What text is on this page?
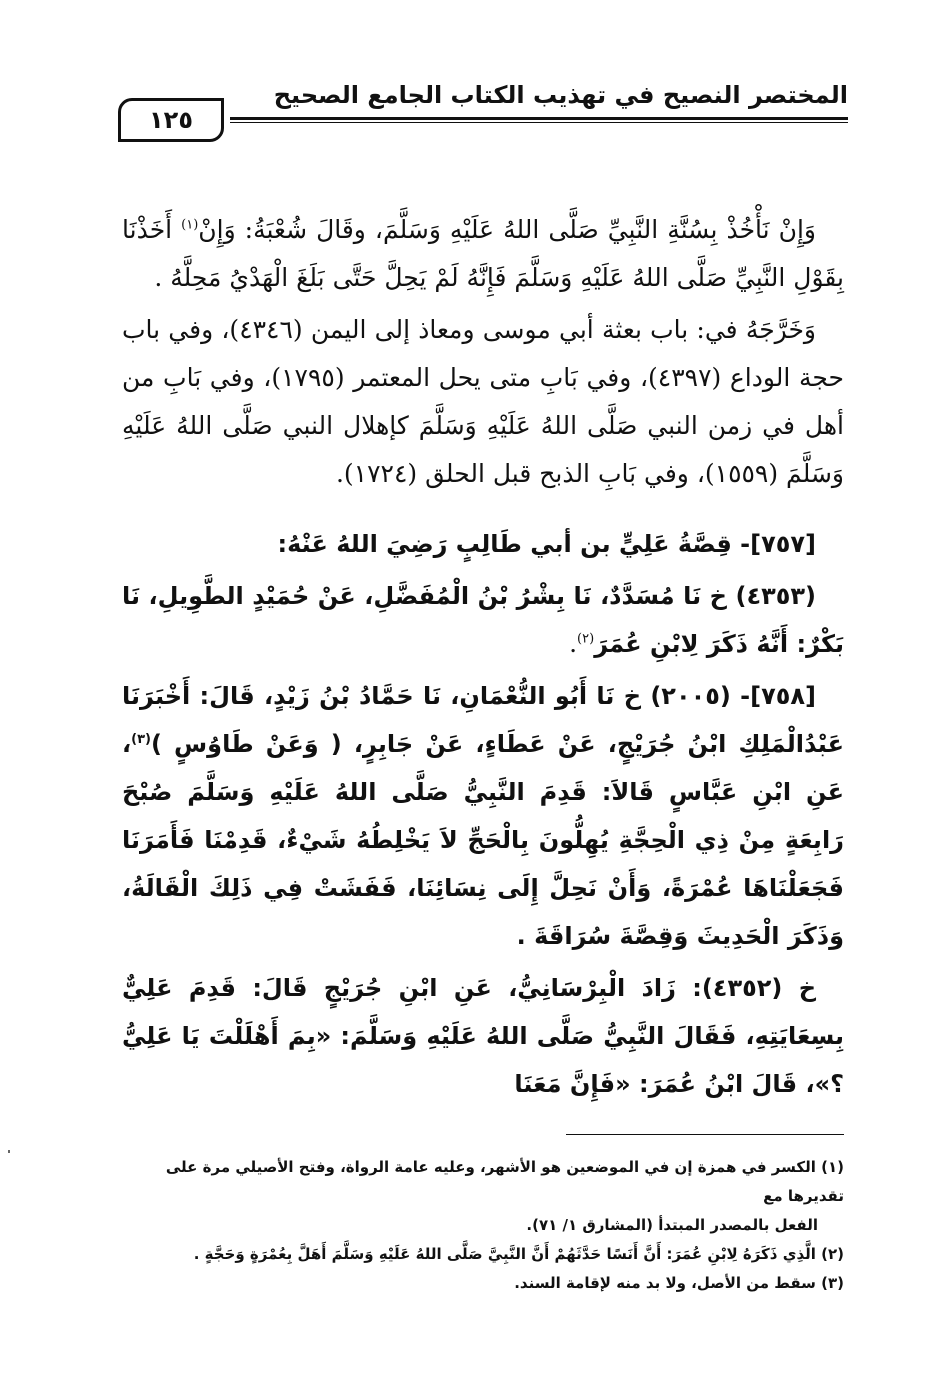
المختصر النصيح في تهذيب الكتاب الجامع الصحيح
١٢٥

وَإِنْ نَأْخُذْ بِسُنَّةِ النَّبِيِّ صَلَّى اللهُ عَلَيْهِ وَسَلَّمَ، وقَالَ شُعْبَةُ: وَإِنْ$^{(١)}$ أَخَذْنَا بِقَوْلِ النَّبِيِّ صَلَّى اللهُ عَلَيْهِ وَسَلَّمَ فَإِنَّهُ لَمْ يَحِلَّ حَتَّى بَلَغَ الْهَدْيُ مَحِلَّهُ .

وَخَرَّجَهُ في: باب بعثة أبي موسى ومعاذ إلى اليمن (٤٣٤٦)، وفي باب حجة الوداع (٤٣٩٧)، وفي بَابِ متى يحل المعتمر (١٧٩٥)، وفي بَابِ من أهل في زمن النبي صَلَّى اللهُ عَلَيْهِ وَسَلَّمَ كإهلال النبي صَلَّى اللهُ عَلَيْهِ وَسَلَّمَ (١٥٥٩)، وفي بَابِ الذبح قبل الحلق (١٧٢٤).

[٧٥٧]- قِصَّةُ عَلِيٍّ بن أبي طَالِبٍ رَضِيَ اللهُ عَنْهُ:

(٤٣٥٣) خ نَا مُسَدَّدٌ، نَا بِشْرُ بْنُ الْمُفَضَّلِ، عَنْ حُمَيْدٍ الطَّوِيلِ، نَا بَكْرٌ: أَنَّهُ ذَكَرَ لِابْنِ عُمَرَ$^{(٢)}$.

[٧٥٨]- (٢٠٠٥) خ نَا أَبُو النُّعْمَانِ، نَا حَمَّادُ بْنُ زَيْدٍ، قَالَ: أَخْبَرَنَا عَبْدُالْمَلِكِ ابْنُ جُرَيْجٍ، عَنْ عَطَاءٍ، عَنْ جَابِرٍ، ( وَعَنْ طَاوُسٍ )$^{(٣)}$، عَنِ ابْنِ عَبَّاسٍ قَالاَ: قَدِمَ النَّبِيُّ صَلَّى اللهُ عَلَيْهِ وَسَلَّمَ صُبْحَ رَابِعَةٍ مِنْ ذِي الْحِجَّةِ يُهِلُّونَ بِالْحَجِّ لاَ يَخْلِطُهُ شَيْءٌ، قَدِمْنَا فَأَمَرَنَا فَجَعَلْنَاهَا عُمْرَةً، وَأَنْ نَحِلَّ إِلَى نِسَائِنَا، فَفَشَتْ فِي ذَلِكَ الْقَالَةُ، وَذَكَرَ الْحَدِيثَ وَقِصَّةَ سُرَاقَةَ .

خ (٤٣٥٢): زَادَ الْبِرْسَانِيُّ، عَنِ ابْنِ جُرَيْجٍ قَالَ: قَدِمَ عَلِيٌّ بِسِعَايَتِهِ، فَقَالَ النَّبِيُّ صَلَّى اللهُ عَلَيْهِ وَسَلَّمَ: «بِمَ أَهْلَلْتَ يَا عَلِيُّ ؟»، قَالَ ابْنُ عُمَرَ: «فَإِنَّ مَعَنَا

(١) الكسر في همزة إن في الموضعين هو الأشهر، وعليه عامة الرواة، وفتح الأصيلي مرة على تقديرها مع
الفعل بالمصدر المبتدأ (المشارق ١/ ٧١).
(٢) الَّذِي ذَكَرَهُ لِابْنِ عُمَرَ: أَنَّ أَنَسًا حَدَّثَهُمْ أَنَّ النَّبِيَّ صَلَّى اللهُ عَلَيْهِ وَسَلَّمَ أَهَلَّ بِعُمْرَةٍ وَحَجَّةٍ .
(٣) سقط من الأصل، ولا بد منه لإقامة السند.
